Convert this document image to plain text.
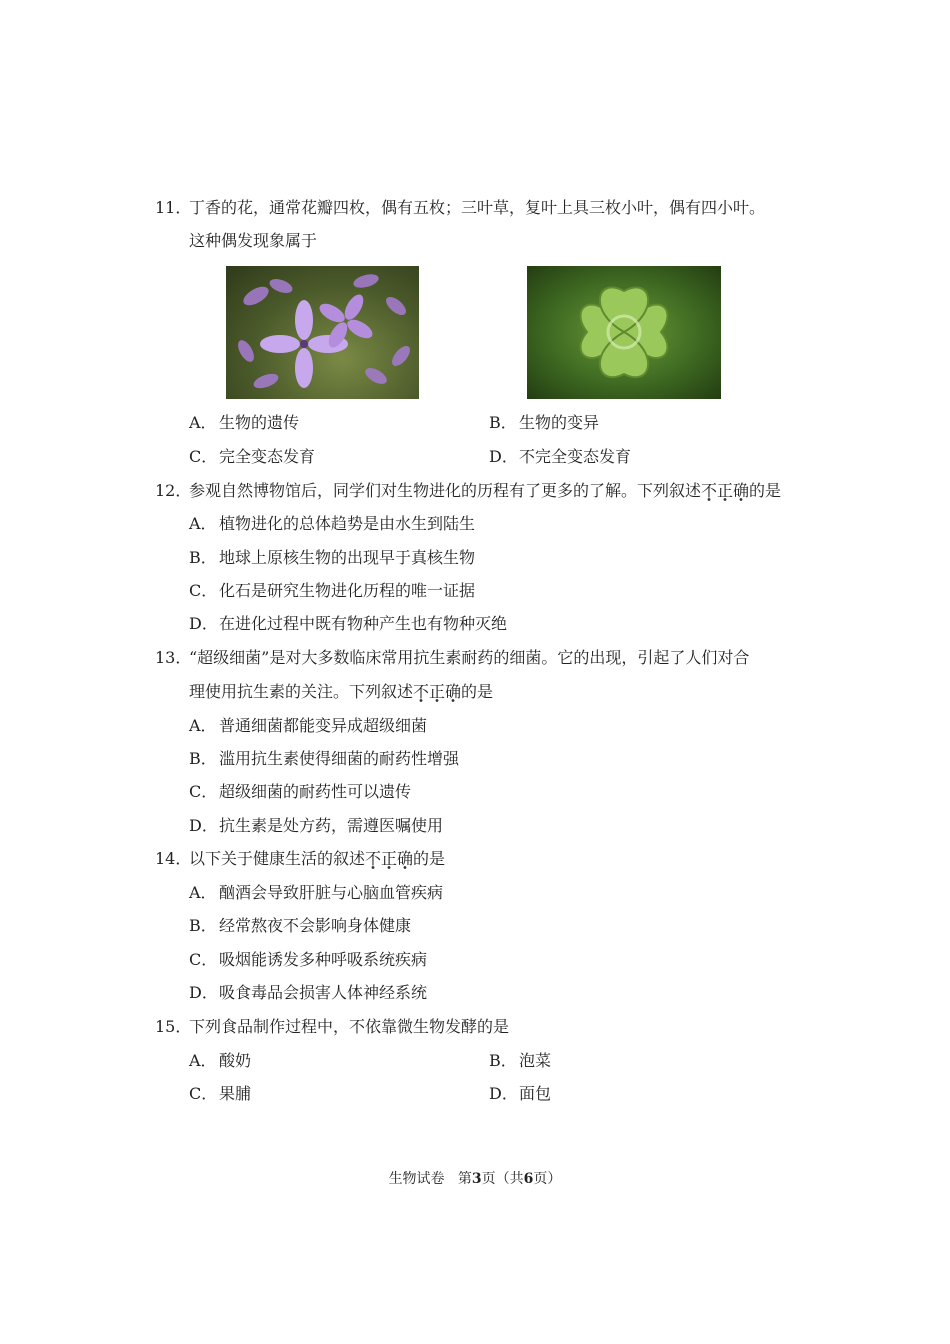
11．丁香的花，通常花瓣四枚，偶有五枚；三叶草，复叶上具三枚小叶，偶有四小叶。
这种偶发现象属于
A． 生物的遗传	B． 生物的变异
C． 完全变态发育	D．不完全变态发育
12．参观自然博物馆后，同学们对生物进化的历程有了更多的了解。下列叙述不正确的是
A． 植物进化的总体趋势是由水生到陆生
B． 地球上原核生物的出现早于真核生物
C． 化石是研究生物进化历程的唯一证据
D．在进化过程中既有物种产生也有物种灭绝
13．“超级细菌”是对大多数临床常用抗生素耐药的细菌。它的出现，引起了人们对合
理使用抗生素的关注。下列叙述不正确的是
A． 普通细菌都能变异成超级细菌
B． 滥用抗生素使得细菌的耐药性增强
C． 超级细菌的耐药性可以遗传
D．抗生素是处方药，需遵医嘱使用
14．以下关于健康生活的叙述不正确的是
A． 酗酒会导致肝脏与心脑血管疾病
B． 经常熬夜不会影响身体健康
C． 吸烟能诱发多种呼吸系统疾病
D．吸食毒品会损害人体神经系统
15．下列食品制作过程中，不依靠微生物发酵的是
A． 酸奶	B． 泡菜
C． 果脯	D．面包
生物试卷 第3页（共6页）
